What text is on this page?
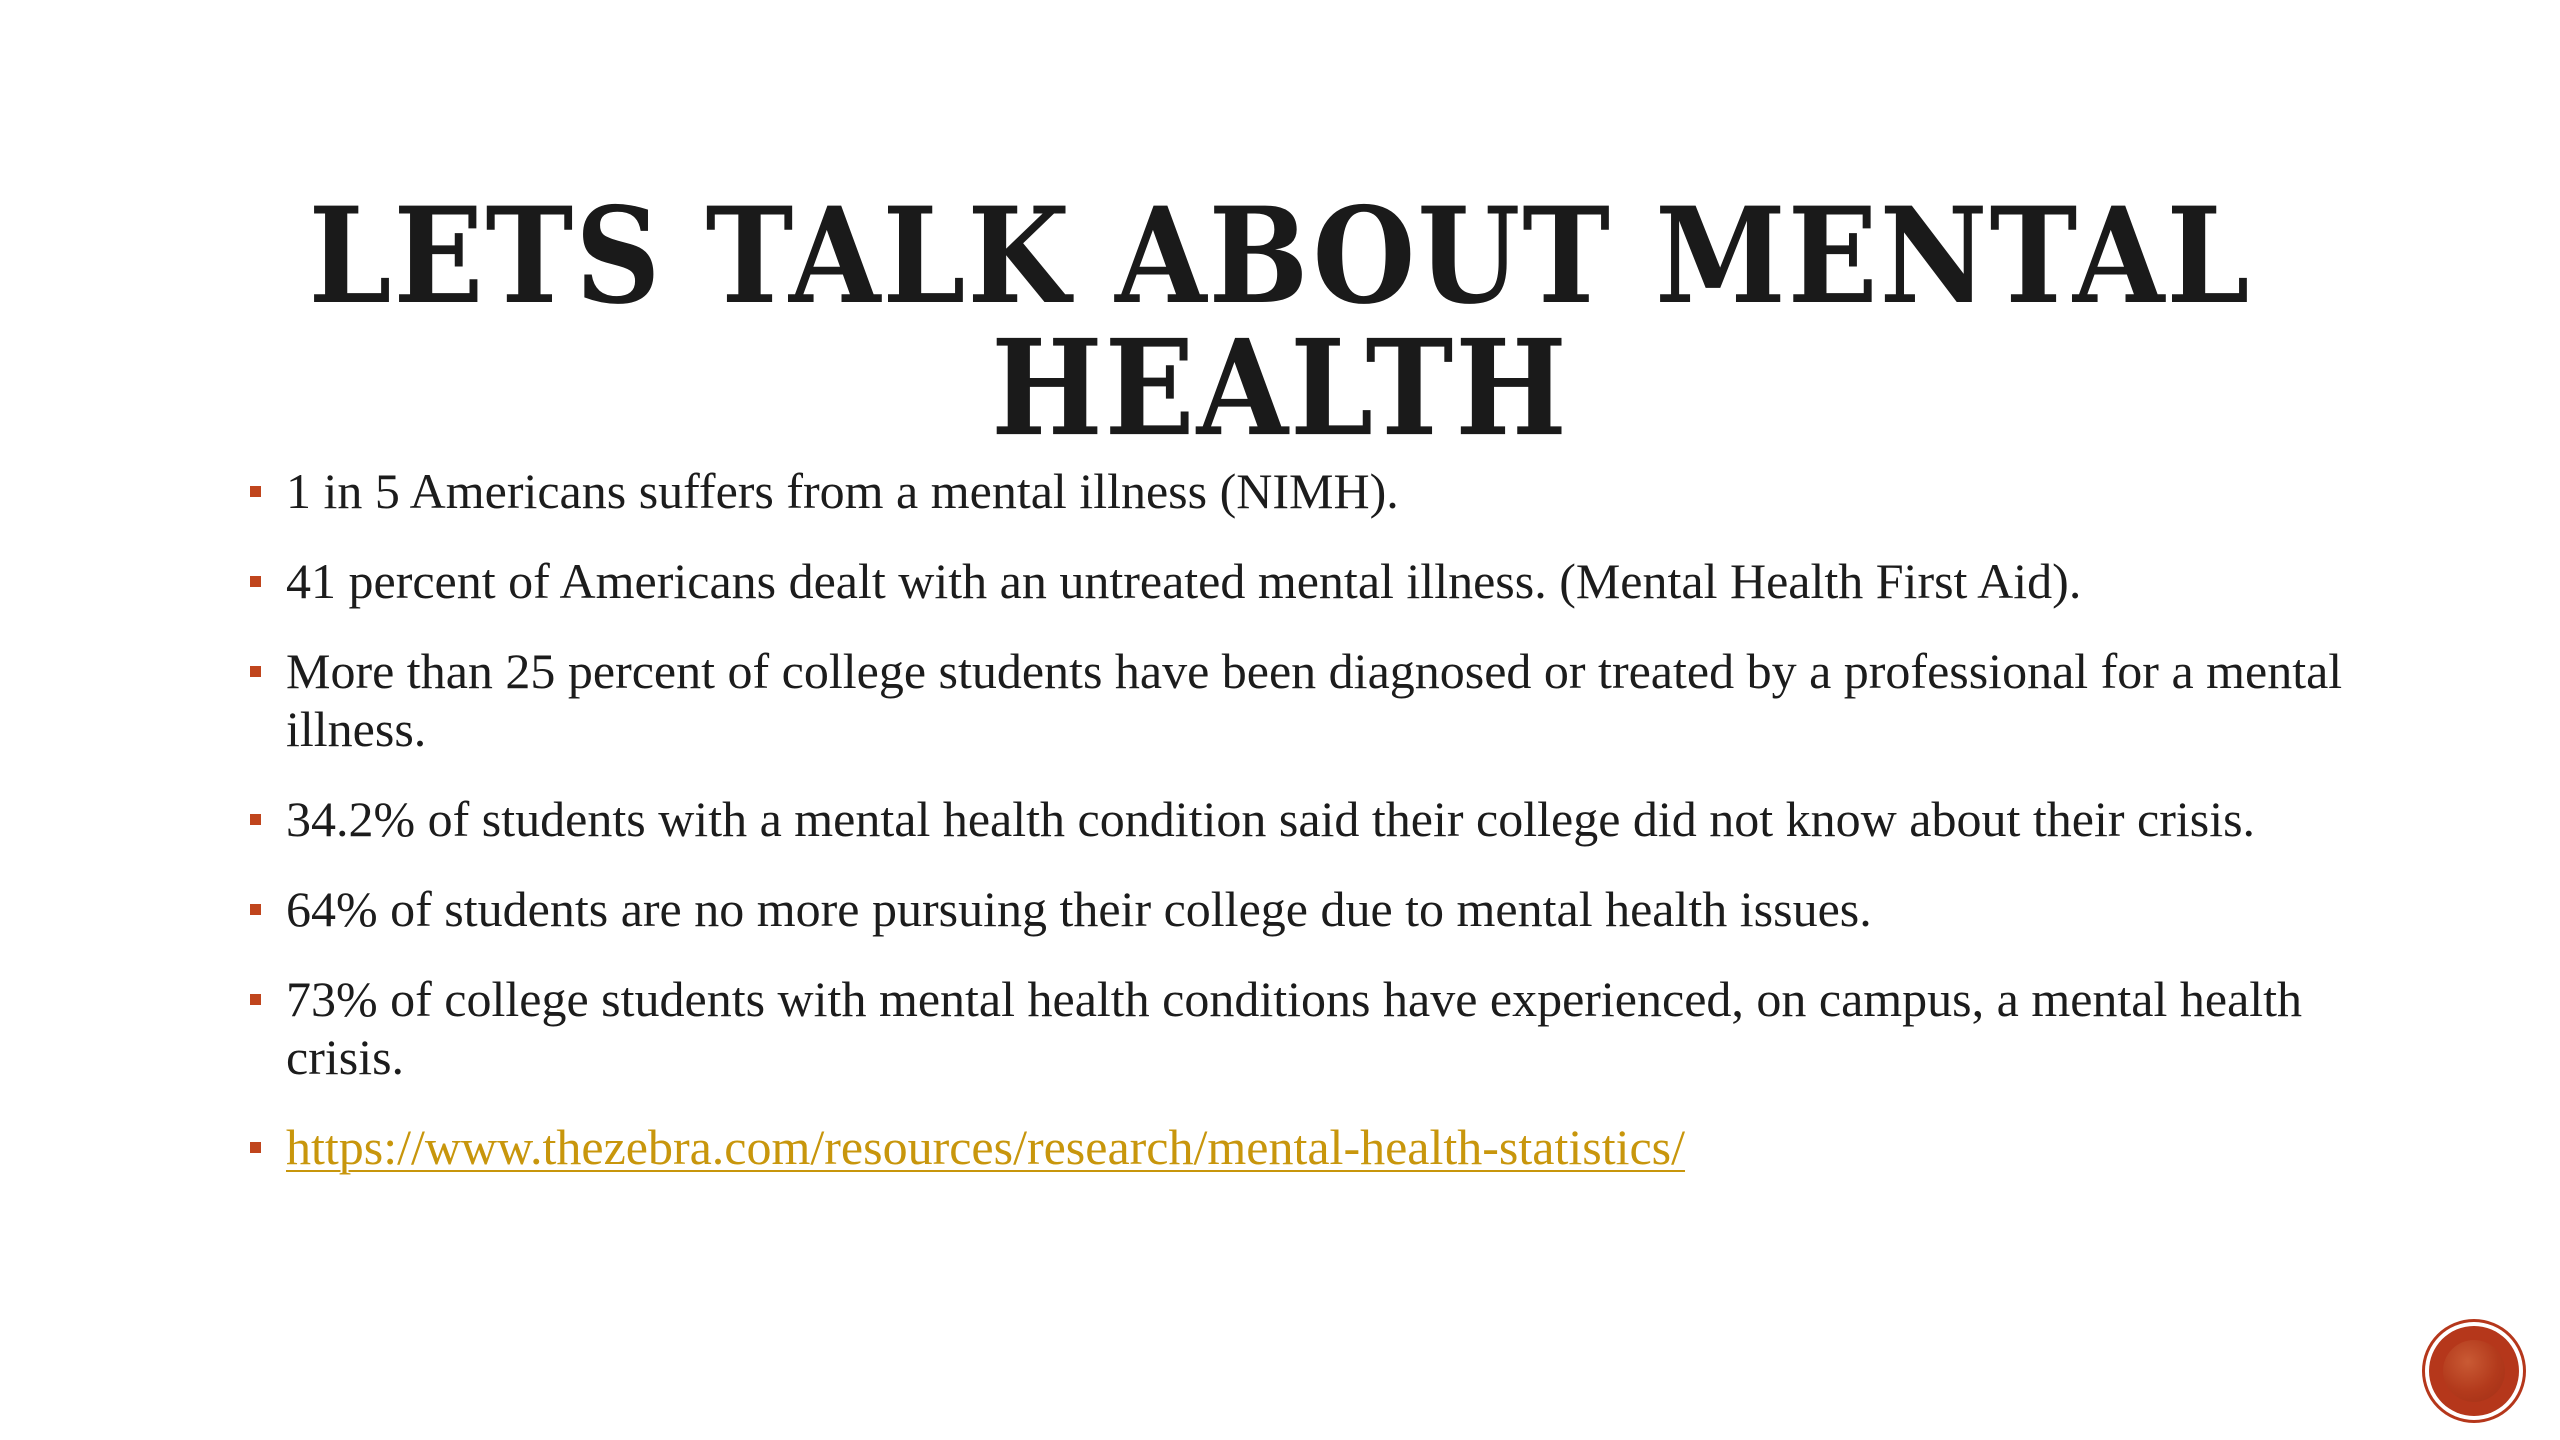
LETS TALK ABOUT MENTAL HEALTH
1 in 5 Americans suffers from a mental illness (NIMH).
41 percent of Americans dealt with an untreated mental illness. (Mental Health First Aid).
More than 25 percent of college students have been diagnosed or treated by a professional for a mental illness.
34.2% of students with a mental health condition said their college did not know about their crisis.
64% of students are no more pursuing their college due to mental health issues.
73% of college students with mental health conditions have experienced, on campus, a mental health crisis.
https://www.thezebra.com/resources/research/mental-health-statistics/
